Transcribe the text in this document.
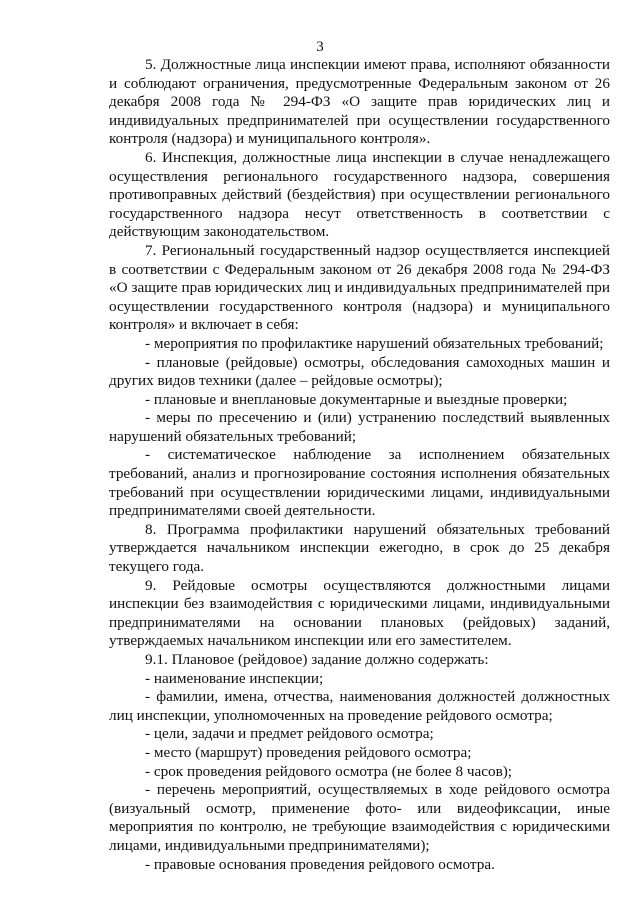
3

5. Должностные лица инспекции имеют права, исполняют обязанности и соблюдают ограничения, предусмотренные Федеральным законом от 26 декабря 2008 года № 294-ФЗ «О защите прав юридических лиц и индивидуальных предпринимателей при осуществлении государственного контроля (надзора) и муниципального контроля».

6. Инспекция, должностные лица инспекции в случае ненадлежащего осуществления регионального государственного надзора, совершения противоправных действий (бездействия) при осуществлении регионального государственного надзора несут ответственность в соответствии с действующим законодательством.

7. Региональный государственный надзор осуществляется инспекцией в соответствии с Федеральным законом от 26 декабря 2008 года № 294-ФЗ «О защите прав юридических лиц и индивидуальных предпринимателей при осуществлении государственного контроля (надзора) и муниципального контроля» и включает в себя:

- мероприятия по профилактике нарушений обязательных требований;

- плановые (рейдовые) осмотры, обследования самоходных машин и других видов техники (далее – рейдовые осмотры);

- плановые и внеплановые документарные и выездные проверки;

- меры по пресечению и (или) устранению последствий выявленных нарушений обязательных требований;

- систематическое наблюдение за исполнением обязательных требований, анализ и прогнозирование состояния исполнения обязательных требований при осуществлении юридическими лицами, индивидуальными предпринимателями своей деятельности.

8. Программа профилактики нарушений обязательных требований утверждается начальником инспекции ежегодно, в срок до 25 декабря текущего года.

9. Рейдовые осмотры осуществляются должностными лицами инспекции без взаимодействия с юридическими лицами, индивидуальными предпринимателями на основании плановых (рейдовых) заданий, утверждаемых начальником инспекции или его заместителем.

9.1. Плановое (рейдовое) задание должно содержать:

- наименование инспекции;

- фамилии, имена, отчества, наименования должностей должностных лиц инспекции, уполномоченных на проведение рейдового осмотра;

- цели, задачи и предмет рейдового осмотра;

- место (маршрут) проведения рейдового осмотра;

- срок проведения рейдового осмотра (не более 8 часов);

- перечень мероприятий, осуществляемых в ходе рейдового осмотра (визуальный осмотр, применение фото- или видеофиксации, иные мероприятия по контролю, не требующие взаимодействия с юридическими лицами, индивидуальными предпринимателями);

- правовые основания проведения рейдового осмотра.
